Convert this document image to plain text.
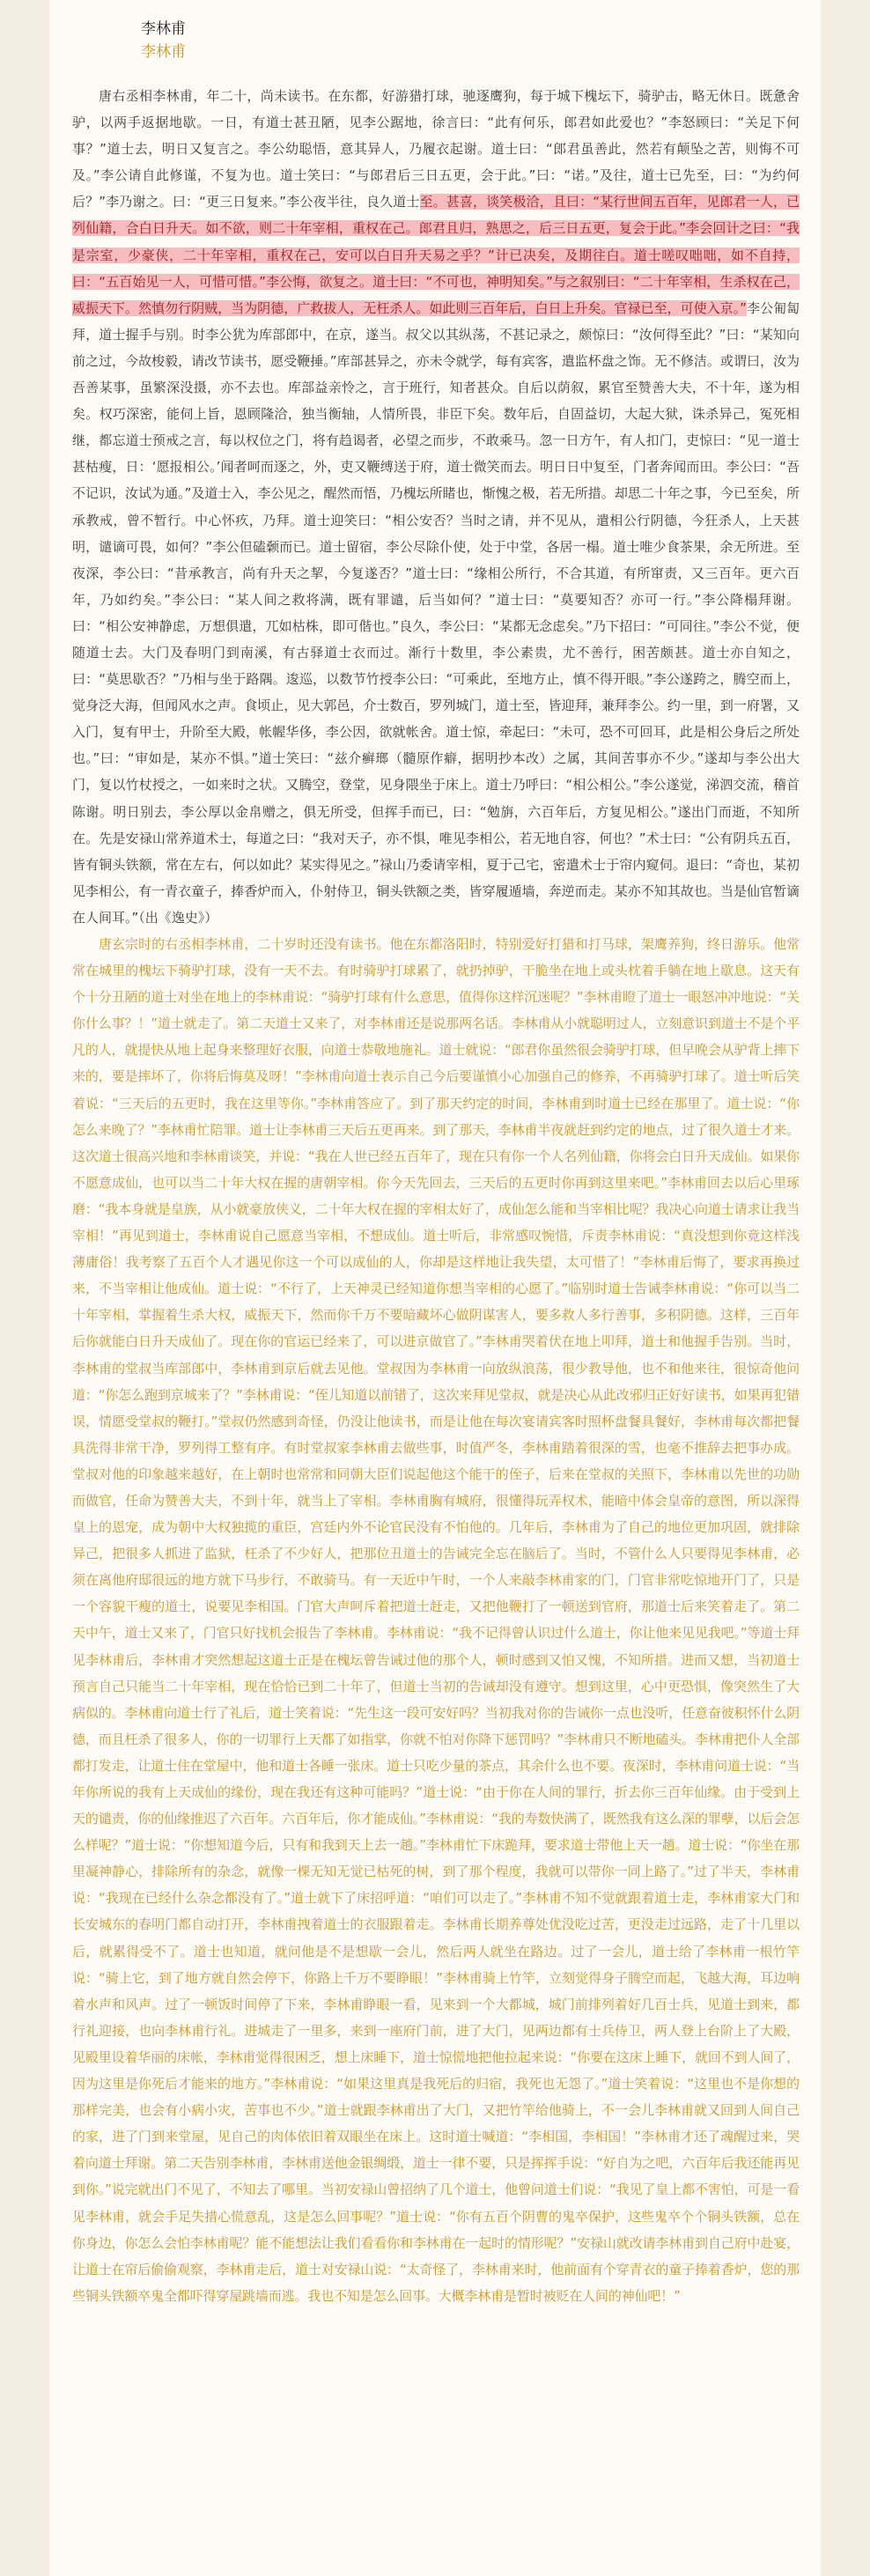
李林甫
李林甫

唐右丞相李林甫，年二十，尚未读书。在东都，好游猎打球，驰逐鹰狗，每于城下槐坛下，骑驴击，略无休日。既惫舍驴，以两手返据地歇。一日，有道士甚丑陋，见李公踞地，徐言曰：“此有何乐，郎君如此爱也？”李怒顾曰：“关足下何事？”道士去，明日又复言之。李公幼聪悟，意其异人，乃履衣起谢。道士曰：“郎君虽善此，然若有颠坠之苦，则悔不可及。”李公请自此修谨，不复为也。道士笑曰：“与郎君后三日五更，会于此。”曰：“诺。”及往，道士已先至，曰：“为约何后？”李乃谢之。曰：“更三日复来。”李公夜半往，良久道士至。甚喜，谈笑极洽，且曰：“某行世间五百年，见郎君一人，已列仙籍，合白日升天。如不欲，则二十年宰相，重权在己。郎君且归，熟思之，后三日五更，复会于此。”李会回计之曰：“我是宗室，少豪侠，二十年宰相，重权在己，安可以白日升天易之乎？”计已决矣，及期往白。道士嗟叹咄咄，如不自持，曰：“五百始见一人，可惜可惜。”李公悔，欲复之。道士曰：“不可也，神明知矣。”与之叙别曰：“二十年宰相，生杀权在己，威振天下。然慎勿行阴贼，当为阴德，广救拔人，无枉杀人。如此则三百年后，白日上升矣。官禄已至，可使入京。”李公匍匐拜，道士握手与别。时李公犹为库部郎中，在京，遂当。叔父以其纵荡，不甚记录之，颇惊曰：“汝何得至此？”曰：“某知向前之过，今故梭毅，请改节读书，愿受鞭捶。”库部甚异之，亦未令就学，每有宾客，遣监杯盘之饰。无不修洁。或谓曰，汝为吾善某事，虽繁深没摄，亦不去也。库部益亲怜之，言于班行，知者甚众。自后以荫叙，累官至赞善大夫，不十年，遂为相矣。权巧深密，能伺上旨，恩顾隆洽，独当衡轴，人情所畏，非臣下矣。数年后，自固益切，大起大狱，诛杀异己，冤死相继，都忘道士预戒之言，每以权位之门，将有趋谒者，必望之而步，不敢乘马。忽一日方午，有人扣门，吏惊曰：“见一道士甚枯瘦，日：‘愿报相公。’闻者呵而逐之，外，吏又鞭缚送于府，道士微笑而去。明日日中复至，门者奔闻而田。李公曰：“吾不记识，汝试为通。”及道士入，李公见之，醒然而悟，乃槐坛所睹也，惭愧之极，若无所措。却思二十年之事，今已至矣，所承教戒，曾不暂行。中心怀疚，乃拜。道士迎笑曰：“相公安否？当时之请，并不见从，遣相公行阴德，今狂杀人，上天甚明，谴谪可畏，如何？”李公但磕颡而已。道士留宿，李公尽除仆使，处于中堂，各居一榻。道士唯少食茶果，余无所进。至夜深，李公曰：“昔承教言，尚有升天之挈，今复遂否？”道士曰：“缘相公所行，不合其道，有所窜责，又三百年。更六百年，乃如约矣。”李公曰：“某人间之救将满，既有罪谴，后当如何？”道士曰：“莫要知否？亦可一行。”李公降榻拜谢。曰：“相公安神静虑，万想俱遣，兀如枯株，即可偕也。”良久，李公曰：“某都无念虑矣。”乃下招曰：“可同往。”李公不觉，便随道士去。大门及春明门到南溪，有古驿道士衣而过。渐行十数里，李公素贵，尤不善行，困苦颇甚。道士亦自知之，曰：“莫思歇否？”乃相与坐于路隅。逡巡，以数节竹授李公曰：“可乘此，至地方止，慎不得开眼。”李公遂跨之，腾空而上，觉身泛大海，但闻风水之声。食顷止，见大郭邑，介士数百，罗列城门，道士至，皆迎拜，兼拜李公。约一里，到一府署，又入门，复有甲士，升阶至大殿，帐幄华侈，李公因，欲就帐舍。道士惊，牵起曰：“未可，恐不可回耳，此是相公身后之所处也。”曰：“审如是，某亦不惧。”道士笑曰：“兹介癣瑯（髓原作癖，据明抄本改）之属，其间苦事亦不少。”遂却与李公出大门，复以竹杖授之，一如来时之状。又腾空，登堂，见身隈坐于床上。道士乃呼曰：“相公相公。”李公遂觉，涕泗交流，稽首陈谢。明日别去，李公厚以金帛赠之，俱无所受，但挥手而已，曰：“勉旃，六百年后，方复见相公。”遂出门而逝，不知所在。先是安禄山常养道术士，每道之曰：“我对天子，亦不惧，唯见李相公，若无地自容，何也？”术士曰：“公有阴兵五百，皆有铜头铁额，常在左右，何以如此？某实得见之。”禄山乃委请宰相，夏于己宅，密遣术士于帘内窥伺。退曰：“奇也，某初见李相公，有一青衣童子，捧香炉而入，仆射侍卫，铜头铁额之类，皆穿履遁墙，奔逆而走。某亦不知其故也。当是仙官暂谪在人间耳。”（出《逸史》）

唐玄宗时的右丞相李林甫，二十岁时还没有读书。他在东都洛阳时，特别爱好打猎和打马球，架鹰养狗，终日游乐。他常常在城里的槐坛下骑驴打球，没有一天不去。有时骑驴打球累了，就扔掉驴，干脆坐在地上或头枕着手躺在地上歇息。这天有个十分丑陋的道士对坐在地上的李林甫说：“骑驴打球有什么意思，值得你这样沉迷呢？”李林甫瞪了道士一眼怒冲冲地说：“关你什么事？！”道士就走了。第二天道士又来了，对李林甫还是说那两名话。李林甫从小就聪明过人，立刻意识到道士不是个平凡的人，就提快从地上起身来整理好衣服，向道士恭敬地施礼。道士就说：“郎君你虽然很会骑驴打球，但早晚会从驴背上摔下来的，要是摔坏了，你将后悔莫及呀！”李林甫向道士表示自己今后要谨慎小心加强自己的修养，不再骑驴打球了。道士听后笑着说：“三天后的五更时，我在这里等你。”李林甫答应了。到了那天约定的时间，李林甫到时道士已经在那里了。道士说：“你怎么来晚了？”李林甫忙陪罪。道士让李林甫三天后五更再来。到了那天，李林甫半夜就赶到约定的地点，过了很久道士才来。这次道士很高兴地和李林甫谈笑，并说：“我在人世已经五百年了，现在只有你一个人名列仙籍，你将会白日升天成仙。如果你不愿意成仙，也可以当二十年大权在握的唐朝宰相。你今天先回去，三天后的五更时你再到这里来吧。”李林甫回去以后心里琢磨：“我本身就是皇族，从小就豪放侠义，二十年大权在握的宰相太好了，成仙怎么能和当宰相比呢？我决心向道士请求让我当宰相！”再见到道士，李林甫说自己愿意当宰相，不想成仙。道士听后，非常感叹惋惜，斥责李林甫说：“真没想到你竟这样浅薄庸俗！我考察了五百个人才遇见你这一个可以成仙的人，你却是这样地让我失望，太可惜了！”李林甫后悔了，要求再换过来，不当宰相让他成仙。道士说：“不行了，上天神灵已经知道你想当宰相的心愿了。”临别时道士告诫李林甫说：“你可以当二十年宰相，掌握着生杀大权，威振天下，然而你千万不要暗藏坏心做阴谋害人，要多救人多行善事，多积阴德。这样，三百年后你就能白日升天成仙了。现在你的官运已经来了，可以进京做官了。”李林甫哭着伏在地上叩拜，道士和他握手告别。当时，李林甫的堂叔当库部郎中，李林甫到京后就去见他。堂叔因为李林甫一向放纵浪荡，很少教导他，也不和他来往，很惊奇他问道：“你怎么跑到京城来了？”李林甫说：“侄儿知道以前错了，这次来拜见堂叔，就是决心从此改邪归正好好读书，如果再犯错误，情愿受堂叔的鞭打。”堂叔仍然感到奇怪，仍没让他读书，而是让他在每次宴请宾客时照杯盘餐具餐好，李林甫每次都把餐具洗得非常干净，罗列得工整有序。有时堂叔家李林甫去做些事，时值严冬，李林甫踏着很深的雪，也毫不推辞去把事办成。堂叔对他的印象越来越好，在上朝时也常常和同朝大臣们说起他这个能干的侄子，后来在堂叔的关照下，李林甫以先世的功勋而做官，任命为赞善大夫，不到十年，就当上了宰相。李林甫胸有城府，很懂得玩弄权术，能暗中体会皇帝的意图，所以深得皇上的恩宠，成为朝中大权独揽的重臣，宫廷内外不论官民没有不怕他的。几年后，李林甫为了自己的地位更加巩固，就排除异己，把很多人抓进了监狱，枉杀了不少好人，把那位丑道士的告诫完全忘在脑后了。当时，不管什么人只要得见李林甫，必须在离他府邸很远的地方就下马步行，不敢骑马。有一天近中午时，一个人来敲李林甫家的门，门官非常吃惊地开门了，只是一个容貌干瘦的道士，说要见李相国。门官大声呵斥着把道士赶走，又把他鞭打了一顿送到官府，那道士后来笑着走了。第二天中午，道士又来了，门官只好找机会报告了李林甫。李林甫说：“我不记得曾认识过什么道士，你让他来见见我吧。”等道士拜见李林甫后，李林甫才突然想起这道士正是在槐坛曾告诫过他的那个人，顿时感到又怕又愧，不知所措。进而又想，当初道士预言自己只能当二十年宰相，现在恰恰已到二十年了，但道士当初的告诫却没有遵守。想到这里，心中更恐惧，像突然生了大病似的。李林甫向道士行了礼后，道士笑着说：“先生这一段可安好吗？当初我对你的告诫你一点也没听，任意奋彼积怀什么阴德，而且枉杀了很多人，你的一切罪行上天都了如指掌，你就不怕对你降下惩罚吗？”李林甫只不断地磕头。李林甫把仆人全部都打发走，让道士住在堂屋中，他和道士各睡一张床。道士只吃少量的茶点，其余什么也不要。夜深时，李林甫问道士说：“当年你所说的我有上天成仙的缘份，现在我还有这种可能吗？”道士说：“由于你在人间的罪行，折去你三百年仙缘。由于受到上天的谴责，你的仙缘推迟了六百年。六百年后，你才能成仙。”李林甫说：“我的寿数快满了，既然我有这么深的罪孽，以后会怎么样呢？”道士说：“你想知道今后，只有和我到天上去一趟。”李林甫忙下床跪拜，要求道士带他上天一趟。道士说：“你坐在那里凝神静心，排除所有的杂念，就像一棵无知无觉已枯死的树，到了那个程度，我就可以带你一同上路了。”过了半天，李林甫说：“我现在已经什么杂念都没有了。”道士就下了床招呼道：“咱们可以走了。”李林甫不知不觉就跟着道士走，李林甫家大门和长安城东的春明门都自动打开，李林甫拽着道士的衣服跟着走。李林甫长期养尊处优没吃过苦，更没走过远路，走了十几里以后，就累得受不了。道士也知道，就问他是不是想歇一会儿，然后两人就坐在路边。过了一会儿，道士给了李林甫一根竹竿说：“骑上它，到了地方就自然会停下，你路上千万不要睁眼！”李林甫骑上竹竿，立刻觉得身子腾空而起，飞越大海，耳边响着水声和风声。过了一顿饭时间停了下来，李林甫睁眼一看，见来到一个大都城，城门前排列着好几百士兵，见道士到来，都行礼迎接，也向李林甫行礼。进城走了一里多，来到一座府门前，进了大门，见两边都有士兵侍卫，两人登上台阶上了大殿，见殿里设着华丽的床帐，李林甫觉得很困乏，想上床睡下，道士惊慌地把他拉起来说：“你要在这床上睡下，就回不到人间了，因为这里是你死后才能来的地方。”李林甫说：“如果这里真是我死后的归宿，我死也无怨了。”道士笑着说：“这里也不是你想的那样完美，也会有小病小灾，苦事也不少。”道士就跟李林甫出了大门，又把竹竿给他骑上，不一会儿李林甫就又回到人间自己的家，进了门到来堂屋，见自己的肉体依旧着双眼坐在床上。这时道士喊道：“李相国，李相国！”李林甫才还了魂醒过来，哭着向道士拜谢。第二天告别李林甫，李林甫送他金银绸缎，道士一律不要，只是挥挥手说：“好自为之吧，六百年后我还能再见到你。”说完就出门不见了，不知去了哪里。当初安禄山曾招纳了几个道士，他曾问道士们说：“我见了皇上都不害怕，可是一看见李林甫，就会手足失措心慌意乱，这是怎么回事呢？”道士说：“你有五百个阴曹的鬼卒保护，这些鬼卒个个铜头铁额，总在你身边，你怎么会怕李林甫呢？能不能想法让我们看看你和李林甫在一起时的情形呢？”安禄山就改请李林甫到自己府中赴宴，让道士在帘后偷偷观察，李林甫走后，道士对安禄山说：“太奇怪了，李林甫来时，他前面有个穿青衣的童子捧着香炉，您的那些铜头铁额卒鬼全都吓得穿屋跳墙而逃。我也不知是怎么回事。大概李林甫是暂时被贬在人间的神仙吧！”
